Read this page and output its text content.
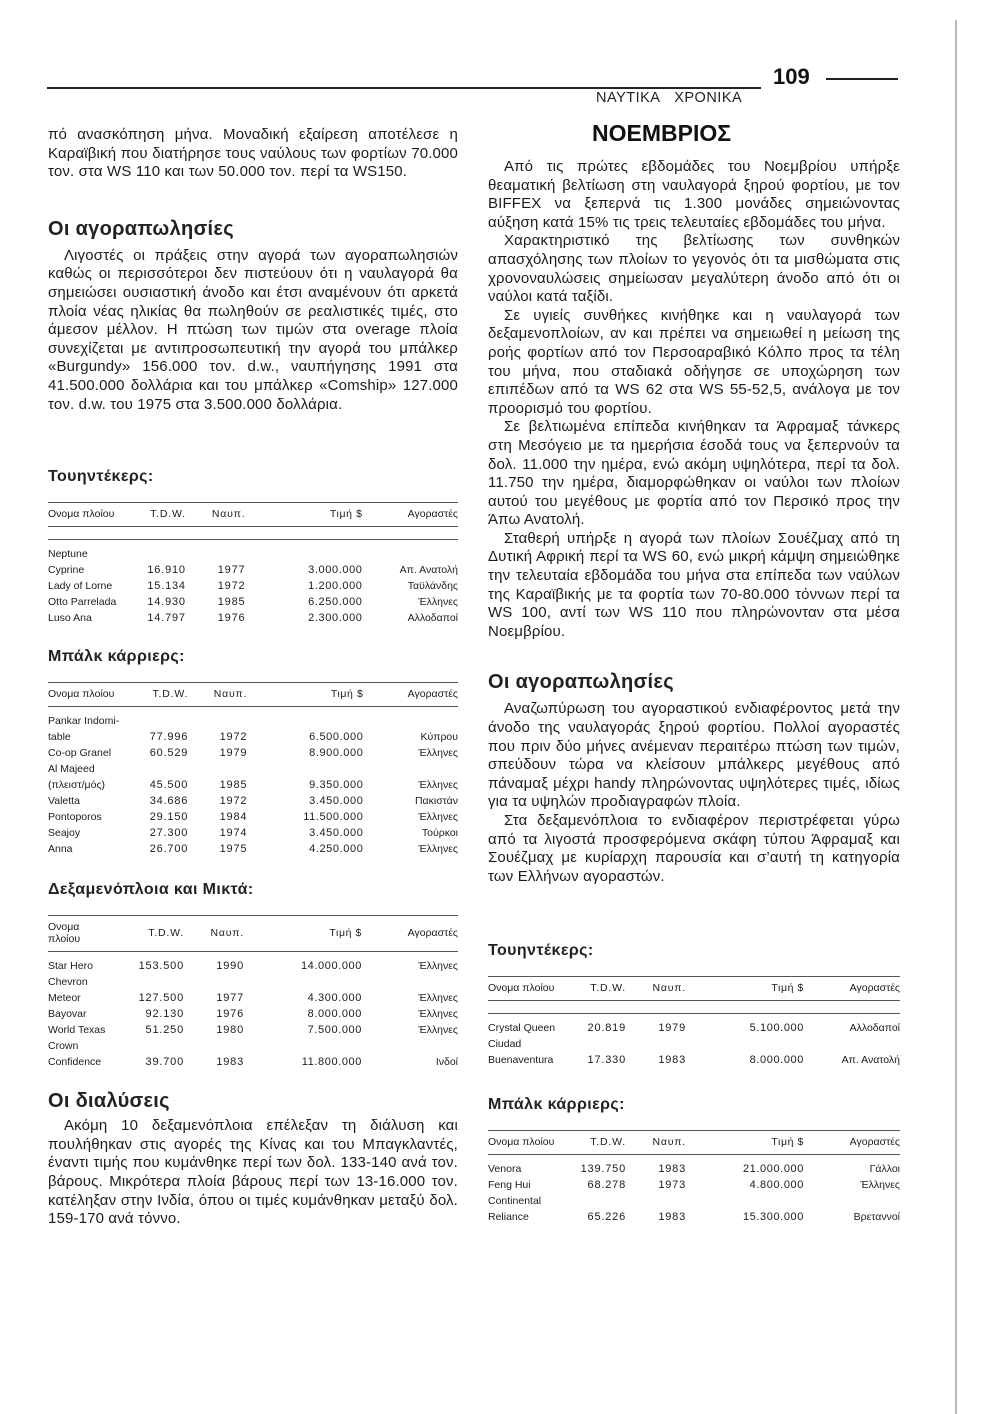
109
ΝΑΥΤΙΚΑ ΧΡΟΝΙΚΑ
ΝΟΕΜΒΡΙΟΣ

πό ανασκόπηση μήνα. Μοναδική εξαίρεση αποτέλεσε η Καραϊβική που διατήρησε τους ναύλους των φορτίων 70.000 τον. στα WS 110 και των 50.000 τον. περί τα WS150.

Οι αγοραπωλησίες

Λιγοστές οι πράξεις στην αγορά των αγοραπωλησιών καθώς οι περισσότεροι δεν πιστεύουν ότι η ναυλαγορά θα σημειώσει ουσιαστική άνοδο και έτσι αναμένουν ότι αρκετά πλοία νέας ηλικίας θα πωληθούν σε ρεαλιστικές τιμές, στο άμεσον μέλλον. Η πτώση των τιμών στα overage πλοία συνεχίζεται με αντιπροσωπευτική την αγορά του μπάλκερ «Burgundy» 156.000 τον. d.w., ναυπήγησης 1991 στα 41.500.000 δολλάρια και του μπάλκερ «Comship» 127.000 τον. d.w. του 1975 στα 3.500.000 δολλάρια.

Τουηντέκερς:
Ονομα πλοίου	T.D.W.	Ναυπ.	Τιμή $	Αγοραστές

Neptune				
Cyprine	16.910	1977	3.000.000	Απ. Ανατολή
Lady of Lorne	15.134	1972	1.200.000	Ταϋλάνδης
Otto Parrelada	14.930	1985	6.250.000	Έλληνες
Luso Ana	14.797	1976	2.300.000	Αλλοδαποί
Μπάλκ κάρριερς:
Ονομα πλοίου	T.D.W.	Ναυπ.	Τιμή $	Αγοραστές

Pankar Indomi-				
table	77.996	1972	6.500.000	Κύπρου
Co-op Granel	60.529	1979	8.900.000	Έλληνες
Al Majeed				
(πλειστ/μός)	45.500	1985	9.350.000	Έλληνες
Valetta	34.686	1972	3.450.000	Πακιστάν
Pontoporos	29.150	1984	11.500.000	Έλληνες
Seajoy	27.300	1974	3.450.000	Τούρκοι
Anna	26.700	1975	4.250.000	Έλληνες
Δεξαμενόπλοια και Μικτά:
Ονομα πλοίου	T.D.W.	Ναυπ.	Τιμή $	Αγοραστές

Star Hero	153.500	1990	14.000.000	Έλληνες
Chevron				
Meteor	127.500	1977	4.300.000	Έλληνες
Bayovar	92.130	1976	8.000.000	Έλληνες
World Texas	51.250	1980	7.500.000	Έλληνες
Crown				
Confidence	39.700	1983	11.800.000	Ινδοί
Οι διαλύσεις

Ακόμη 10 δεξαμενόπλοια επέλεξαν τη διάλυση και πουλήθηκαν στις αγορές της Κίνας και του Μπαγκλαντές, έναντι τιμής που κυμάνθηκε περί των δολ. 133-140 ανά τον. βάρους. Μικρότερα πλοία βάρους περί των 13-16.000 τον. κατέληξαν στην Ινδία, όπου οι τιμές κυμάνθηκαν μεταξύ δολ. 159-170 ανά τόννο.

Από τις πρώτες εβδομάδες του Νοεμβρίου υπήρξε θεαματική βελτίωση στη ναυλαγορά ξηρού φορτίου, με τον BIFFEX να ξεπερνά τις 1.300 μονάδες σημειώνοντας αύξηση κατά 15% τις τρεις τελευταίες εβδομάδες του μήνα.

Χαρακτηριστικό της βελτίωσης των συνθηκών απασχόλησης των πλοίων το γεγονός ότι τα μισθώματα στις χρονοναυλώσεις σημείωσαν μεγαλύτερη άνοδο από ότι οι ναύλοι κατά ταξίδι.

Σε υγιείς συνθήκες κινήθηκε και η ναυλαγορά των δεξαμενοπλοίων, αν και πρέπει να σημειωθεί η μείωση της ροής φορτίων από τον Περσοαραβικό Κόλπο προς τα τέλη του μήνα, που σταδιακά οδήγησε σε υποχώρηση των επιπέδων από τα WS 62 στα WS 55-52,5, ανάλογα με τον προορισμό του φορτίου.

Σε βελτιωμένα επίπεδα κινήθηκαν τα Άφραμαξ τάνκερς στη Μεσόγειο με τα ημερήσια έσοδά τους να ξεπερνούν τα δολ. 11.000 την ημέρα, ενώ ακόμη υψηλότερα, περί τα δολ. 11.750 την ημέρα, διαμορφώθηκαν οι ναύλοι των πλοίων αυτού του μεγέθους με φορτία από τον Περσικό προς την Άπω Ανατολή.

Σταθερή υπήρξε η αγορά των πλοίων Σουέζμαχ από τη Δυτική Αφρική περί τα WS 60, ενώ μικρή κάμψη σημειώθηκε την τελευταία εβδομάδα του μήνα στα επίπεδα των ναύλων της Καραϊβικής με τα φορτία των 70-80.000 τόννων περί τα WS 100, αντί των WS 110 που πληρώνονταν στα μέσα Νοεμβρίου.

Οι αγοραπωλησίες

Αναζωπύρωση του αγοραστικού ενδιαφέροντος μετά την άνοδο της ναυλαγοράς ξηρού φορτίου. Πολλοί αγοραστές που πριν δύο μήνες ανέμεναν περαιτέρω πτώση των τιμών, σπεύδουν τώρα να κλείσουν μπάλκερς μεγέθους από πάναμαξ μέχρι handy πληρώνοντας υψηλότερες τιμές, ιδίως για τα υψηλών προδιαγραφών πλοία.

Στα δεξαμενόπλοια το ενδιαφέρον περιστρέφεται γύρω από τα λιγοστά προσφερόμενα σκάφη τύπου Άφραμαξ και Σουέζμαχ με κυρίαρχη παρουσία και σ’αυτή τη κατηγορία των Ελλήνων αγοραστών.

Τουηντέκερς:
Ονομα πλοίου	T.D.W.	Ναυπ.	Τιμή $	Αγοραστές

Crystal Queen	20.819	1979	5.100.000	Αλλοδαποί
Ciudad				
Buenaventura	17.330	1983	8.000.000	Απ. Ανατολή
Μπάλκ κάρριερς:
Ονομα πλοίου	T.D.W.	Ναυπ.	Τιμή $	Αγοραστές

Venora	139.750	1983	21.000.000	Γάλλοι
Feng Hui	68.278	1973	4.800.000	Έλληνες
Continental				
Reliance	65.226	1983	15.300.000	Βρεταννοί
